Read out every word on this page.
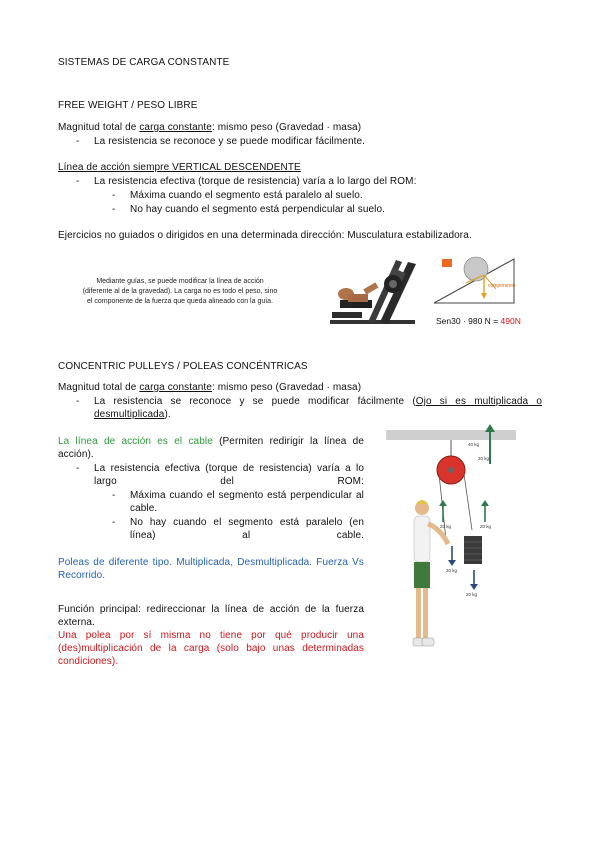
SISTEMAS DE CARGA CONSTANTE
FREE WEIGHT / PESO LIBRE
Magnitud total de carga constante: mismo peso (Gravedad · masa)
- La resistencia se reconoce y se puede modificar fácilmente.
Línea de acción siempre VERTICAL DESCENDENTE
- La resistencia efectiva (torque de resistencia) varía a lo largo del ROM:
- Máxima cuando el segmento está paralelo al suelo.
- No hay cuando el segmento está perpendicular al suelo.
Ejercicios no guiados o dirigidos en una determinada dirección: Musculatura estabilizadora.
Mediante guías, se puede modificar la línea de acción
(diferente al de la gravedad). La carga no es todo el peso, sino
el componente de la fuerza que queda alineado con la guía.
componente
Sen30 · 980 N = 490N
CONCENTRIC PULLEYS / POLEAS CONCÉNTRICAS
Magnitud total de carga constante: mismo peso (Gravedad · masa)
- La resistencia se reconoce y se puede modificar fácilmente (Ojo si es multiplicada o desmultiplicada).
La línea de acción es el cable (Permiten redirigir la línea de acción).
- La resistencia efectiva (torque de resistencia) varía a lo largo del ROM:
- Máxima cuando el segmento está perpendicular al cable.
- No hay cuando el segmento está paralelo (en línea) al cable.
Poleas de diferente tipo. Multiplicada, Desmultiplicada. Fuerza Vs Recorrido.
Función principal: redireccionar la línea de acción de la fuerza externa.
Una polea por sí misma no tiene por qué producir una (des)multiplicación de la carga (solo bajo unas determinadas condiciones).
40 kg
20 kg
20 kg	20 kg
20 kg
20 kg
